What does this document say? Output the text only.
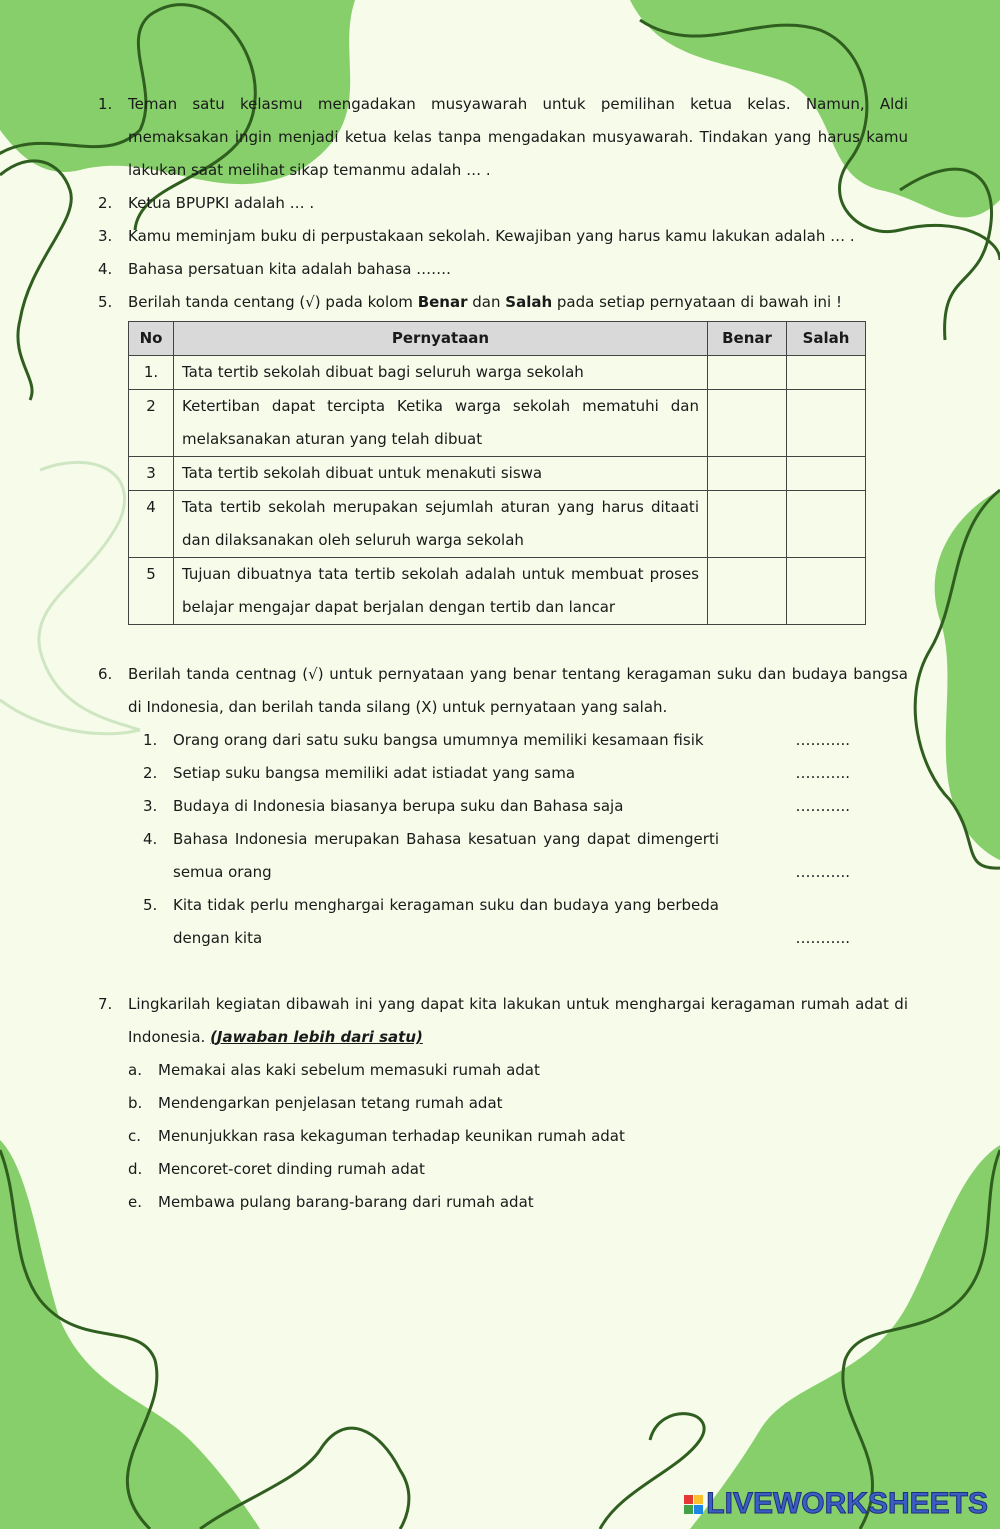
1.	Teman satu kelasmu mengadakan musyawarah untuk pemilihan ketua kelas. Namun, Aldi memaksakan ingin menjadi ketua kelas tanpa mengadakan musyawarah. Tindakan yang harus kamu lakukan saat melihat sikap temanmu adalah … .
2.	Ketua BPUPKI adalah … .
3.	Kamu meminjam buku di perpustakaan sekolah. Kewajiban yang harus kamu lakukan adalah … .
4.	Bahasa persatuan kita adalah bahasa …….
5.	Berilah tanda centang (√) pada kolom Benar dan Salah pada setiap pernyataan di bawah ini !
No	Pernyataan	Benar	Salah
1.	Tata tertib sekolah dibuat bagi seluruh warga sekolah		
2	Ketertiban dapat tercipta Ketika warga sekolah mematuhi dan melaksanakan aturan yang telah dibuat		
3	Tata tertib sekolah dibuat untuk menakuti siswa		
4	Tata tertib sekolah merupakan sejumlah aturan yang harus ditaati dan dilaksanakan oleh seluruh warga sekolah		
5	Tujuan dibuatnya tata tertib sekolah adalah untuk membuat proses belajar mengajar dapat berjalan dengan tertib dan lancar		
6.	Berilah tanda centnag (√) untuk pernyataan yang benar tentang keragaman suku dan budaya bangsa di Indonesia, dan berilah tanda silang (X) untuk pernyataan yang salah.
1.	Orang orang dari satu suku bangsa umumnya memiliki kesamaan fisik	………..
2.	Setiap suku bangsa memiliki adat istiadat yang sama	………..
3.	Budaya di Indonesia biasanya berupa suku dan Bahasa saja	………..
4.	Bahasa Indonesia merupakan Bahasa kesatuan yang dapat dimengerti semua orang	………..
5.	Kita tidak perlu menghargai keragaman suku dan budaya yang berbeda dengan kita	………..
7.	Lingkarilah kegiatan dibawah ini yang dapat kita lakukan untuk menghargai keragaman rumah adat di Indonesia. (Jawaban lebih dari satu)
a.	Memakai alas kaki sebelum memasuki rumah adat
b.	Mendengarkan penjelasan tetang rumah adat
c.	Menunjukkan rasa kekaguman terhadap keunikan rumah adat
d.	Mencoret-coret dinding rumah adat
e.	Membawa pulang barang-barang dari rumah adat
LIVEWORKSHEETS
